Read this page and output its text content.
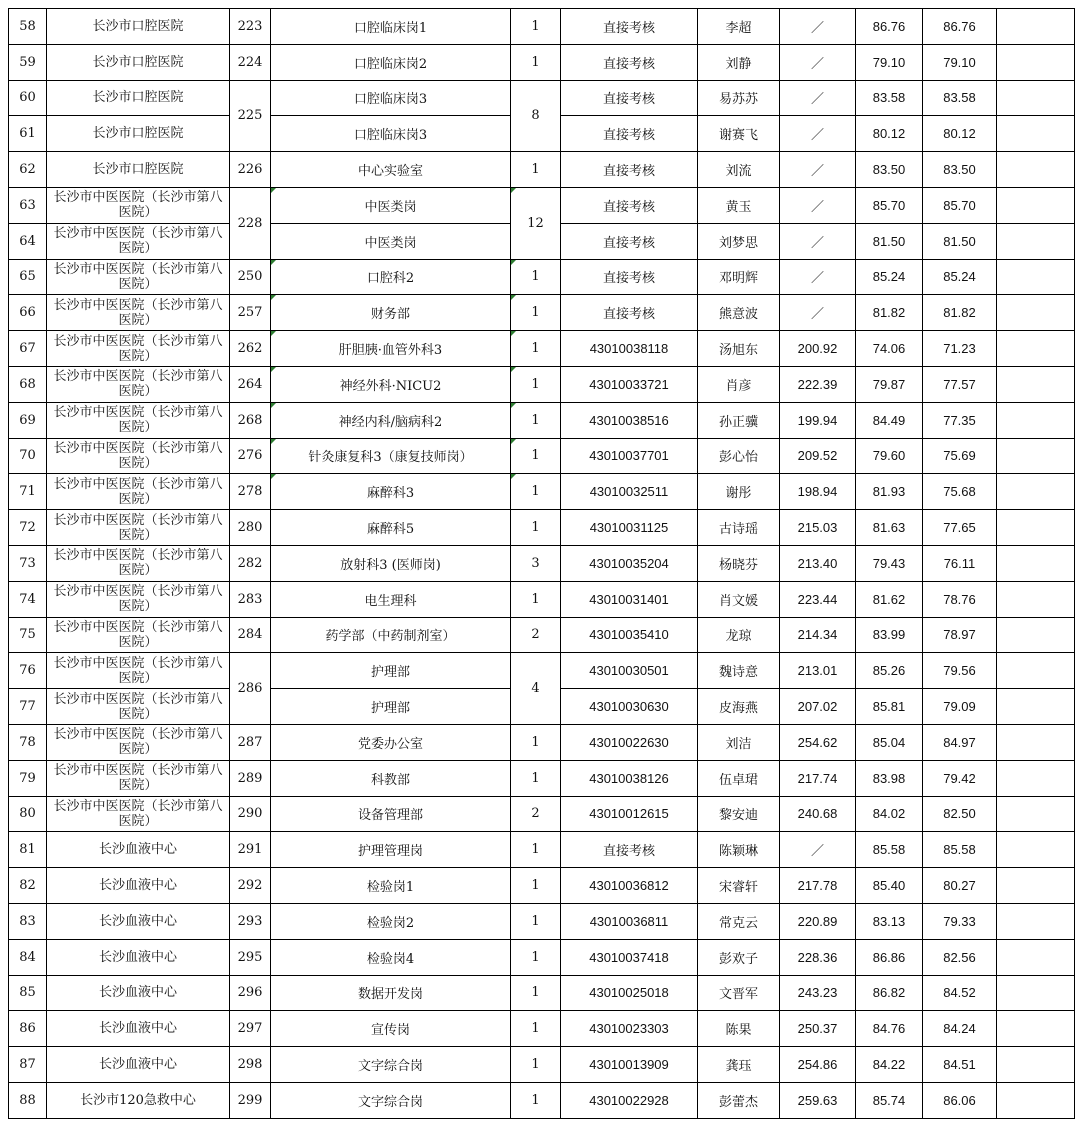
58	长沙市口腔医院	223	口腔临床岗1	1	直接考核	李超	／	86.76	86.76	
59	长沙市口腔医院	224	口腔临床岗2	1	直接考核	刘静	／	79.10	79.10	
60	长沙市口腔医院	225	口腔临床岗3	8	直接考核	易苏苏	／	83.58	83.58	
61	长沙市口腔医院		口腔临床岗3		直接考核	谢赛飞	／	80.12	80.12	
62	长沙市口腔医院	226	中心实验室	1	直接考核	刘流	／	83.50	83.50	
63	长沙市中医医院（长沙市第八医院）	228	中医类岗	12	直接考核	黄玉	／	85.70	85.70	
64	长沙市中医医院（长沙市第八医院）		中医类岗		直接考核	刘梦思	／	81.50	81.50	
65	长沙市中医医院（长沙市第八医院）	250	口腔科2	1	直接考核	邓明辉	／	85.24	85.24	
66	长沙市中医医院（长沙市第八医院）	257	财务部	1	直接考核	熊意波	／	81.82	81.82	
67	长沙市中医医院（长沙市第八医院）	262	肝胆胰·血管外科3	1	43010038118	汤旭东	200.92	74.06	71.23	
68	长沙市中医医院（长沙市第八医院）	264	神经外科·NICU2	1	43010033721	肖彦	222.39	79.87	77.57	
69	长沙市中医医院（长沙市第八医院）	268	神经内科/脑病科2	1	43010038516	孙正骥	199.94	84.49	77.35	
70	长沙市中医医院（长沙市第八医院）	276	针灸康复科3（康复技师岗）	1	43010037701	彭心怡	209.52	79.60	75.69	
71	长沙市中医医院（长沙市第八医院）	278	麻醉科3	1	43010032511	谢彤	198.94	81.93	75.68	
72	长沙市中医医院（长沙市第八医院）	280	麻醉科5	1	43010031125	古诗瑶	215.03	81.63	77.65	
73	长沙市中医医院（长沙市第八医院）	282	放射科3 (医师岗)	3	43010035204	杨晓芬	213.40	79.43	76.11	
74	长沙市中医医院（长沙市第八医院）	283	电生理科	1	43010031401	肖文媛	223.44	81.62	78.76	
75	长沙市中医医院（长沙市第八医院）	284	药学部（中药制剂室）	2	43010035410	龙琼	214.34	83.99	78.97	
76	长沙市中医医院（长沙市第八医院）	286	护理部	4	43010030501	魏诗意	213.01	85.26	79.56	
77	长沙市中医医院（长沙市第八医院）		护理部		43010030630	皮海燕	207.02	85.81	79.09	
78	长沙市中医医院（长沙市第八医院）	287	党委办公室	1	43010022630	刘洁	254.62	85.04	84.97	
79	长沙市中医医院（长沙市第八医院）	289	科教部	1	43010038126	伍卓珺	217.74	83.98	79.42	
80	长沙市中医医院（长沙市第八医院）	290	设备管理部	2	43010012615	黎安迪	240.68	84.02	82.50	
81	长沙血液中心	291	护理管理岗	1	直接考核	陈颖琳	／	85.58	85.58	
82	长沙血液中心	292	检验岗1	1	43010036812	宋睿轩	217.78	85.40	80.27	
83	长沙血液中心	293	检验岗2	1	43010036811	常克云	220.89	83.13	79.33	
84	长沙血液中心	295	检验岗4	1	43010037418	彭欢子	228.36	86.86	82.56	
85	长沙血液中心	296	数据开发岗	1	43010025018	文晋军	243.23	86.82	84.52	
86	长沙血液中心	297	宣传岗	1	43010023303	陈果	250.37	84.76	84.24	
87	长沙血液中心	298	文字综合岗	1	43010013909	龚珏	254.86	84.22	84.51	
88	长沙市120急救中心	299	文字综合岗	1	43010022928	彭蕾杰	259.63	85.74	86.06	
